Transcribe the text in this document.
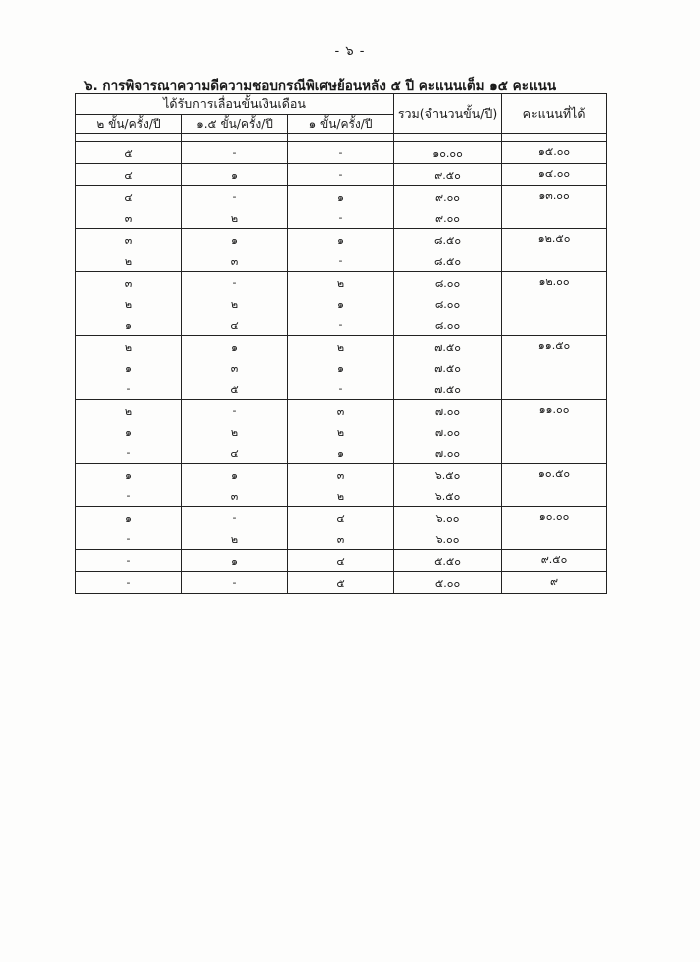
- ๖ -
๖. การพิจารณาความดีความชอบกรณีพิเศษย้อนหลัง ๕ ปี คะแนนเต็ม ๑๕ คะแนน
ได้รับการเลื่อนขั้นเงินเดือน			รวม(จำนวนขั้น/ปี)	คะแนนที่ได้
๒ ขั้น/ครั้ง/ปี	๑.๕ ขั้น/ครั้ง/ปี	๑ ขั้น/ครั้ง/ปี		

๕	-	-	๑๐.๐๐	๑๕.๐๐
๔	๑	-	๙.๕๐	๑๔.๐๐
๔	-	๑	๙.๐๐	๑๓.๐๐
๓	๒	-	๙.๐๐	
๓	๑	๑	๘.๕๐	๑๒.๕๐
๒	๓	-	๘.๕๐	
๓	-	๒	๘.๐๐	๑๒.๐๐
๒	๒	๑	๘.๐๐	
๑	๔	-	๘.๐๐	
๒	๑	๒	๗.๕๐	๑๑.๕๐
๑	๓	๑	๗.๕๐	
-	๕	-	๗.๕๐	
๒	-	๓	๗.๐๐	๑๑.๐๐
๑	๒	๒	๗.๐๐	
-	๔	๑	๗.๐๐	
๑	๑	๓	๖.๕๐	๑๐.๕๐
-	๓	๒	๖.๕๐	
๑	-	๔	๖.๐๐	๑๐.๐๐
-	๒	๓	๖.๐๐	
-	๑	๔	๕.๕๐	๙.๕๐
-	-	๕	๕.๐๐	๙
